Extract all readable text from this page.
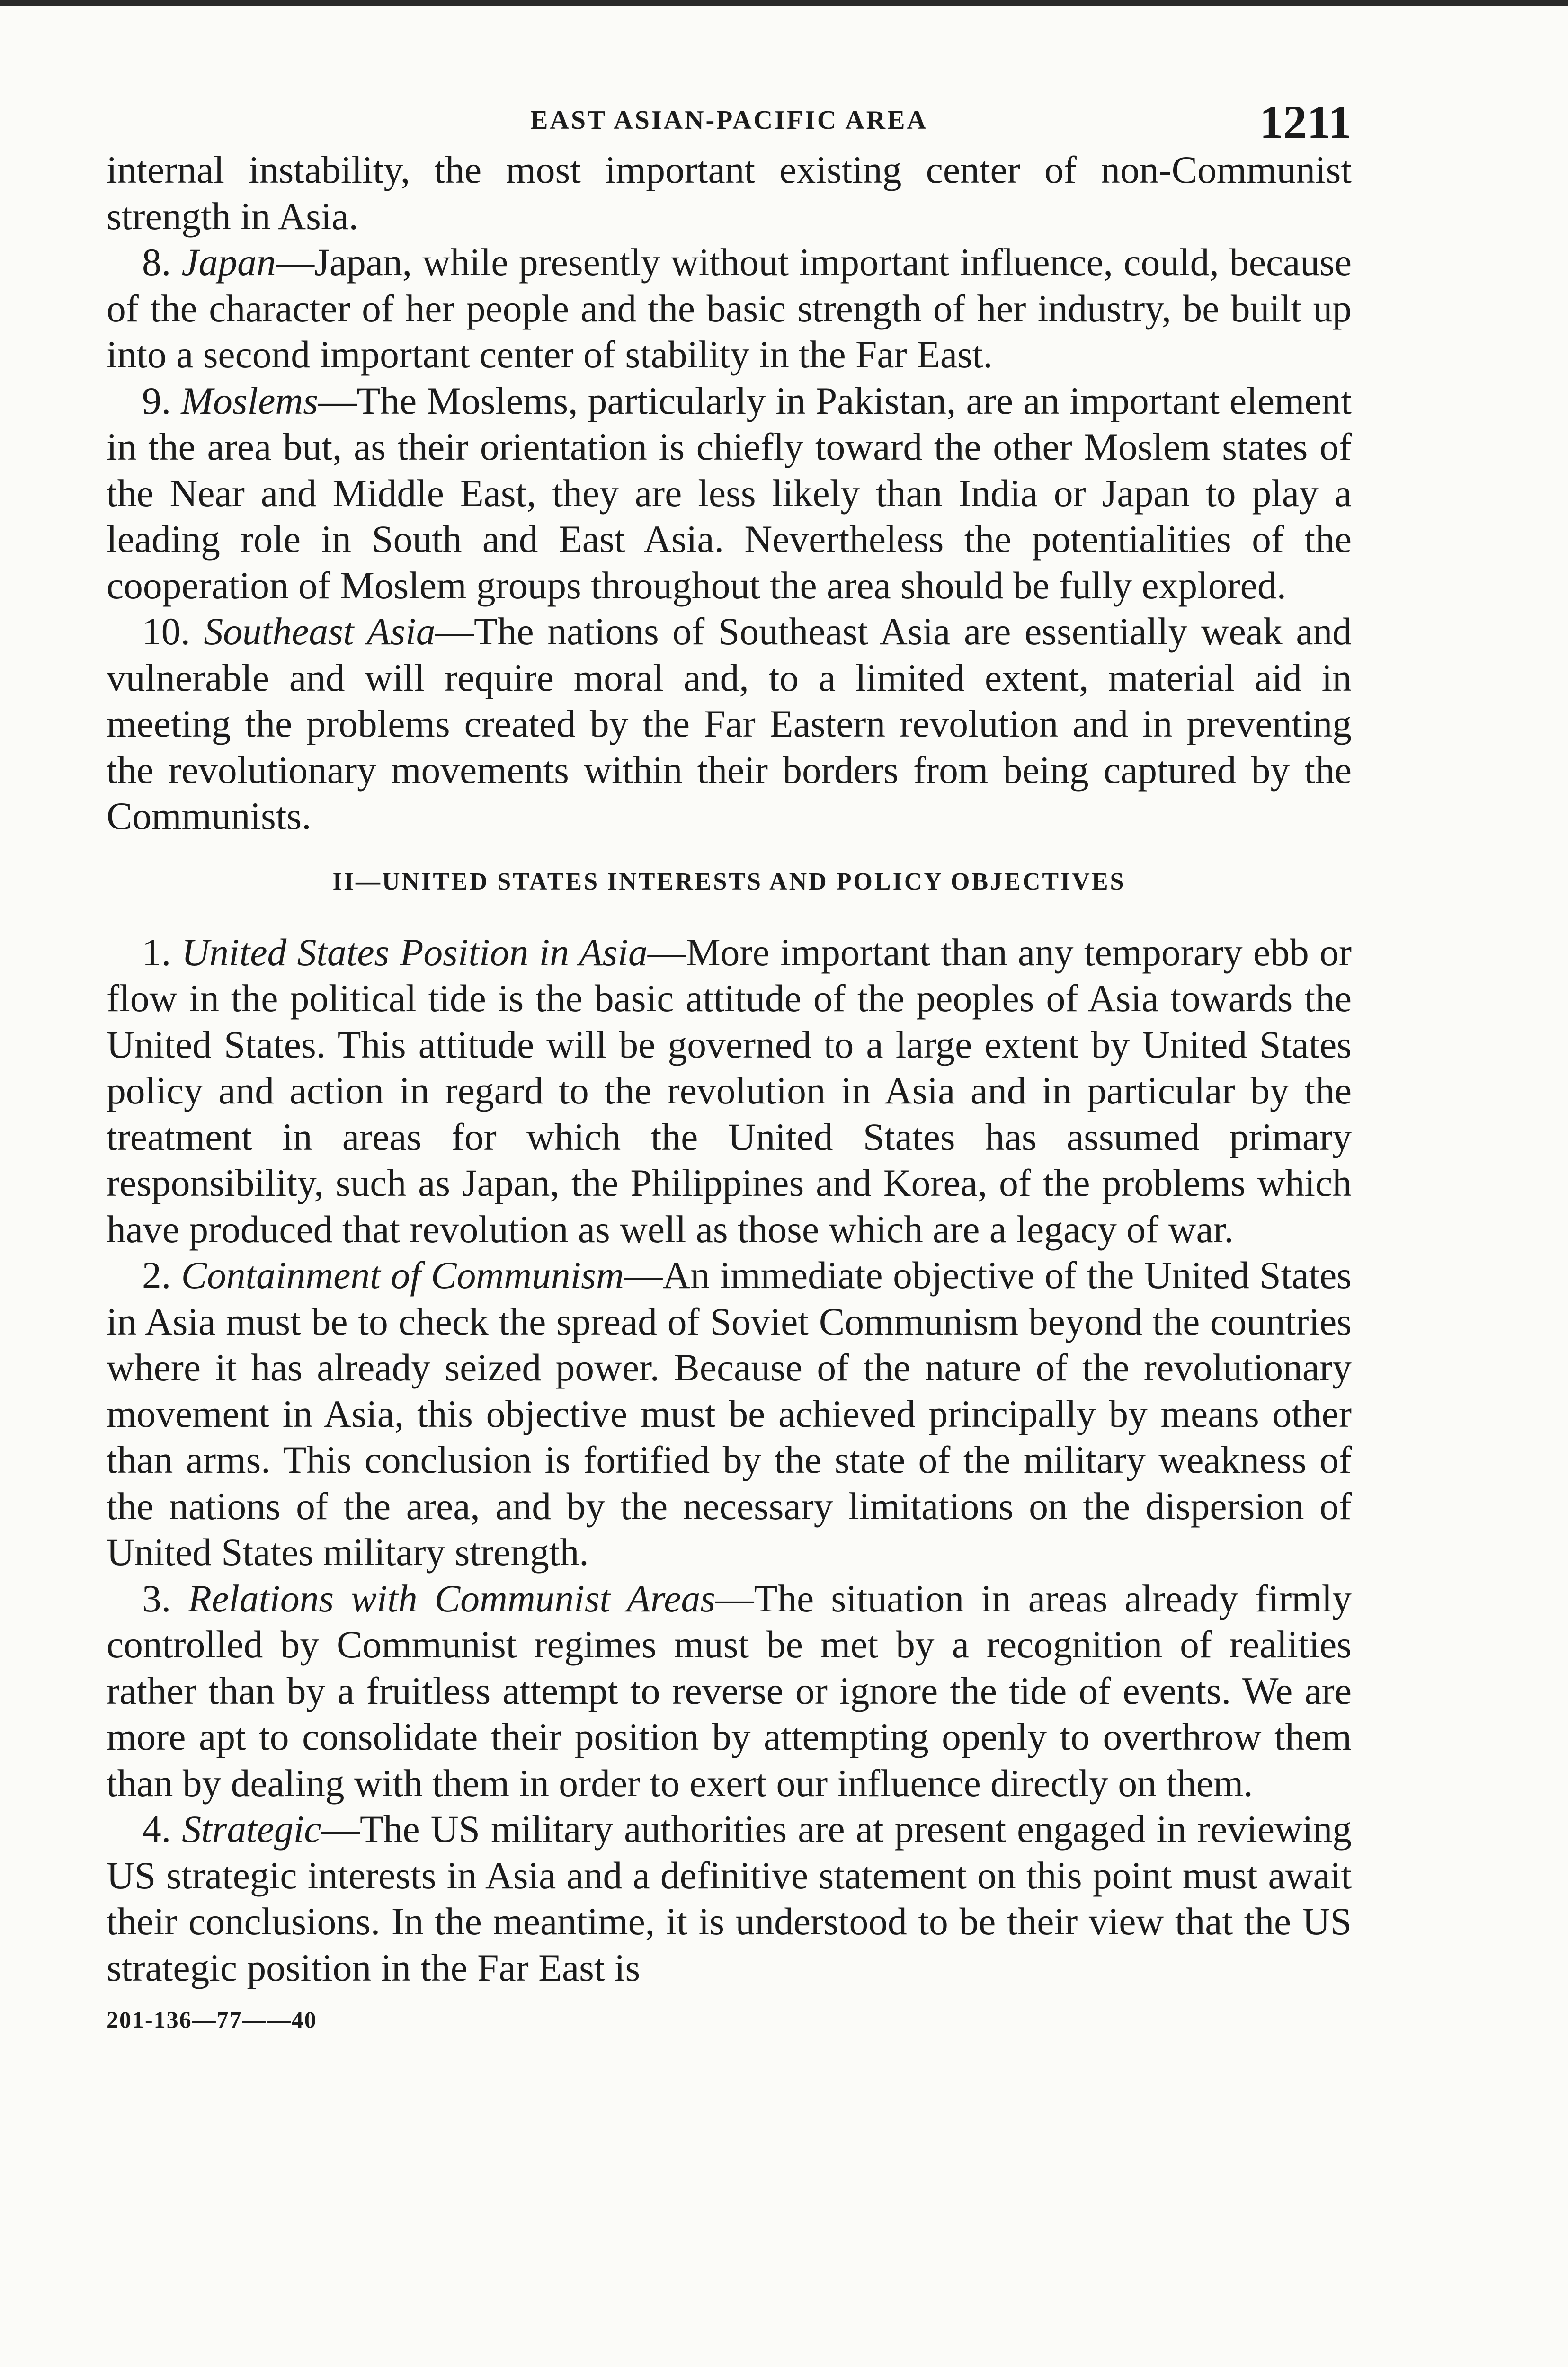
EAST ASIAN-PACIFIC AREA	1211

internal instability, the most important existing center of non-Communist strength in Asia.

8. Japan—Japan, while presently without important influence, could, because of the character of her people and the basic strength of her industry, be built up into a second important center of stability in the Far East.

9. Moslems—The Moslems, particularly in Pakistan, are an important element in the area but, as their orientation is chiefly toward the other Moslem states of the Near and Middle East, they are less likely than India or Japan to play a leading role in South and East Asia. Nevertheless the potentialities of the cooperation of Moslem groups throughout the area should be fully explored.

10. Southeast Asia—The nations of Southeast Asia are essentially weak and vulnerable and will require moral and, to a limited extent, material aid in meeting the problems created by the Far Eastern revolution and in preventing the revolutionary movements within their borders from being captured by the Communists.

II—UNITED STATES INTERESTS AND POLICY OBJECTIVES

1. United States Position in Asia—More important than any temporary ebb or flow in the political tide is the basic attitude of the peoples of Asia towards the United States. This attitude will be governed to a large extent by United States policy and action in regard to the revolution in Asia and in particular by the treatment in areas for which the United States has assumed primary responsibility, such as Japan, the Philippines and Korea, of the problems which have produced that revolution as well as those which are a legacy of war.

2. Containment of Communism—An immediate objective of the United States in Asia must be to check the spread of Soviet Communism beyond the countries where it has already seized power. Because of the nature of the revolutionary movement in Asia, this objective must be achieved principally by means other than arms. This conclusion is fortified by the state of the military weakness of the nations of the area, and by the necessary limitations on the dispersion of United States military strength.

3. Relations with Communist Areas—The situation in areas already firmly controlled by Communist regimes must be met by a recognition of realities rather than by a fruitless attempt to reverse or ignore the tide of events. We are more apt to consolidate their position by attempting openly to overthrow them than by dealing with them in order to exert our influence directly on them.

4. Strategic—The US military authorities are at present engaged in reviewing US strategic interests in Asia and a definitive statement on this point must await their conclusions. In the meantime, it is understood to be their view that the US strategic position in the Far East is

201-136—77——40
